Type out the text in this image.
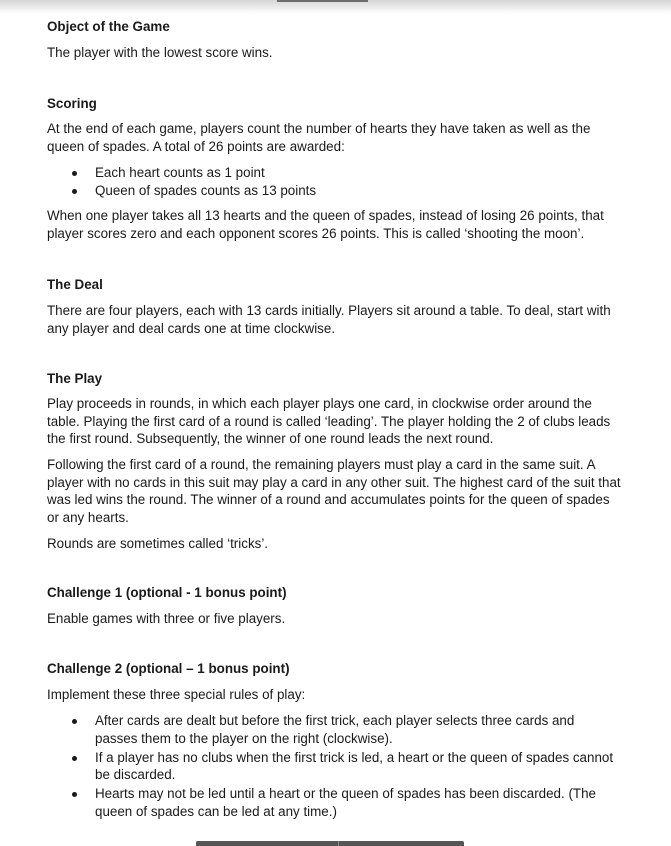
Object of the Game

The player with the lowest score wins.

Scoring

At the end of each game, players count the number of hearts they have taken as well as the queen of spades. A total of 26 points are awarded:

Each heart counts as 1 point
Queen of spades counts as 13 points

When one player takes all 13 hearts and the queen of spades, instead of losing 26 points, that player scores zero and each opponent scores 26 points. This is called ‘shooting the moon’.

The Deal

There are four players, each with 13 cards initially. Players sit around a table. To deal, start with any player and deal cards one at time clockwise.

The Play

Play proceeds in rounds, in which each player plays one card, in clockwise order around the table. Playing the first card of a round is called ‘leading’. The player holding the 2 of clubs leads the first round. Subsequently, the winner of one round leads the next round.

Following the first card of a round, the remaining players must play a card in the same suit. A player with no cards in this suit may play a card in any other suit. The highest card of the suit that was led wins the round. The winner of a round and accumulates points for the queen of spades or any hearts.

Rounds are sometimes called ‘tricks’.

Challenge 1 (optional - 1 bonus point)

Enable games with three or five players.

Challenge 2 (optional – 1 bonus point)

Implement these three special rules of play:

After cards are dealt but before the first trick, each player selects three cards and passes them to the player on the right (clockwise).
If a player has no clubs when the first trick is led, a heart or the queen of spades cannot be discarded.
Hearts may not be led until a heart or the queen of spades has been discarded. (The queen of spades can be led at any time.)
